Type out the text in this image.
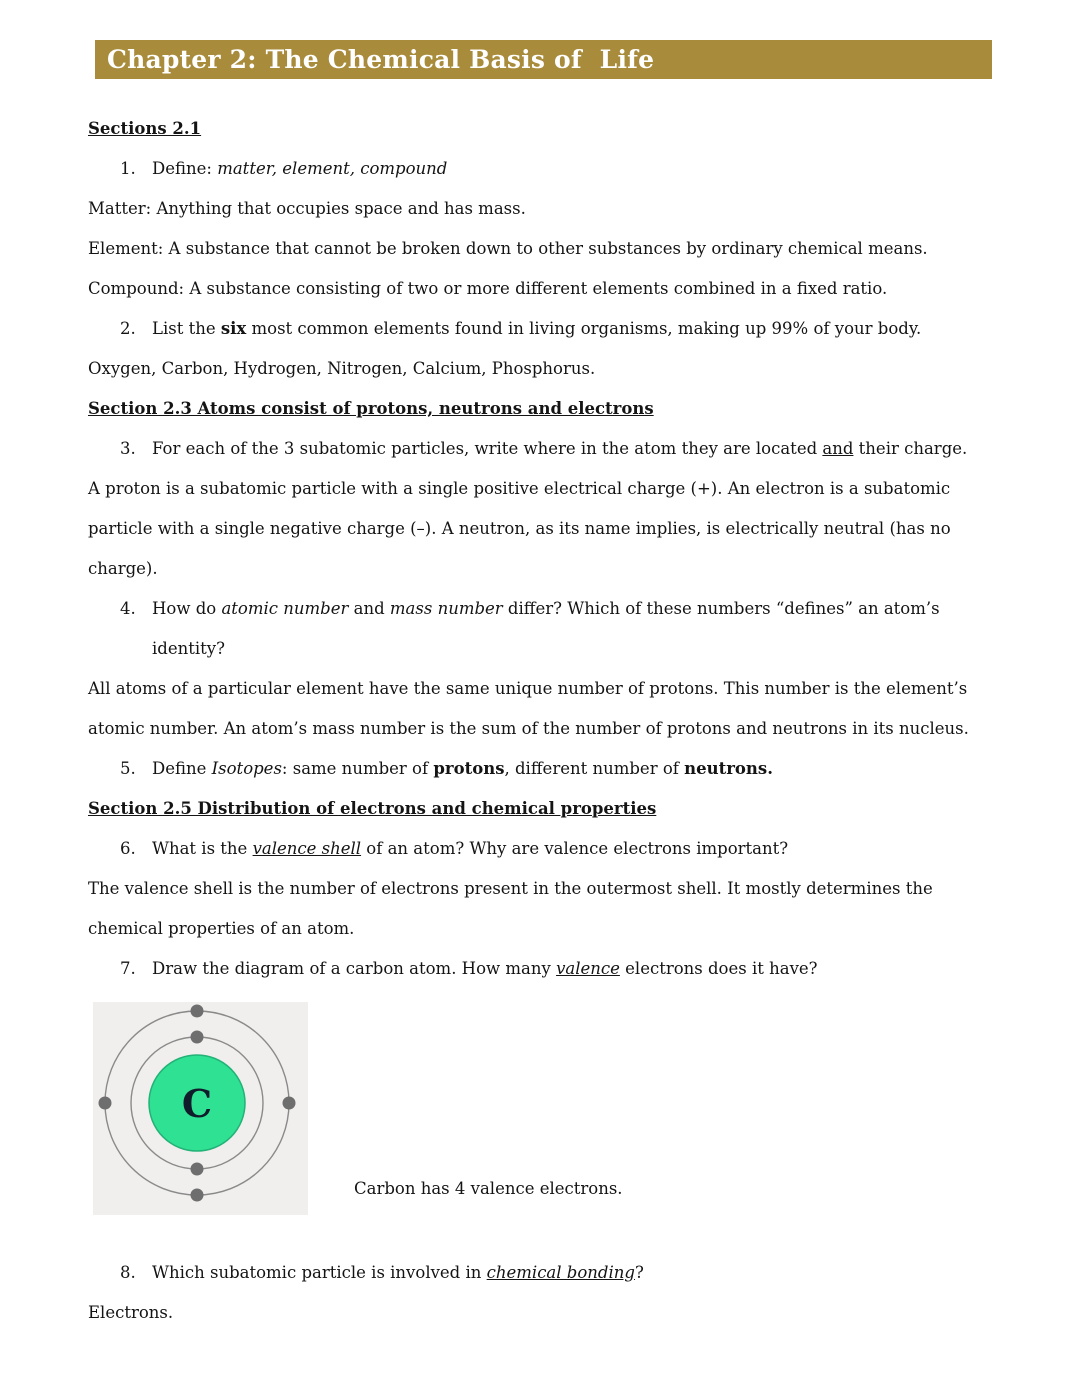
Chapter 2: The Chemical Basis of  Life

Sections 2.1

1. Define: matter, element, compound

Matter: Anything that occupies space and has mass.

Element: A substance that cannot be broken down to other substances by ordinary chemical means.

Compound: A substance consisting of two or more different elements combined in a fixed ratio.

2. List the six most common elements found in living organisms, making up 99% of your body.

Oxygen, Carbon, Hydrogen, Nitrogen, Calcium, Phosphorus.

Section 2.3 Atoms consist of protons, neutrons and electrons

3. For each of the 3 subatomic particles, write where in the atom they are located and their charge.

A proton is a subatomic particle with a single positive electrical charge (+). An electron is a subatomic particle with a single negative charge (–). A neutron, as its name implies, is electrically neutral (has no charge).

4. How do atomic number and mass number differ? Which of these numbers “defines” an atom’s identity?

All atoms of a particular element have the same unique number of protons. This number is the element’s atomic number. An atom’s mass number is the sum of the number of protons and neutrons in its nucleus.

5. Define Isotopes: same number of protons, different number of neutrons.

Section 2.5 Distribution of electrons and chemical properties

6. What is the valence shell of an atom? Why are valence electrons important?

The valence shell is the number of electrons present in the outermost shell. It mostly determines the chemical properties of an atom.

7. Draw the diagram of a carbon atom. How many valence electrons does it have?
C

Carbon has 4 valence electrons.

8. Which subatomic particle is involved in chemical bonding?

Electrons.
